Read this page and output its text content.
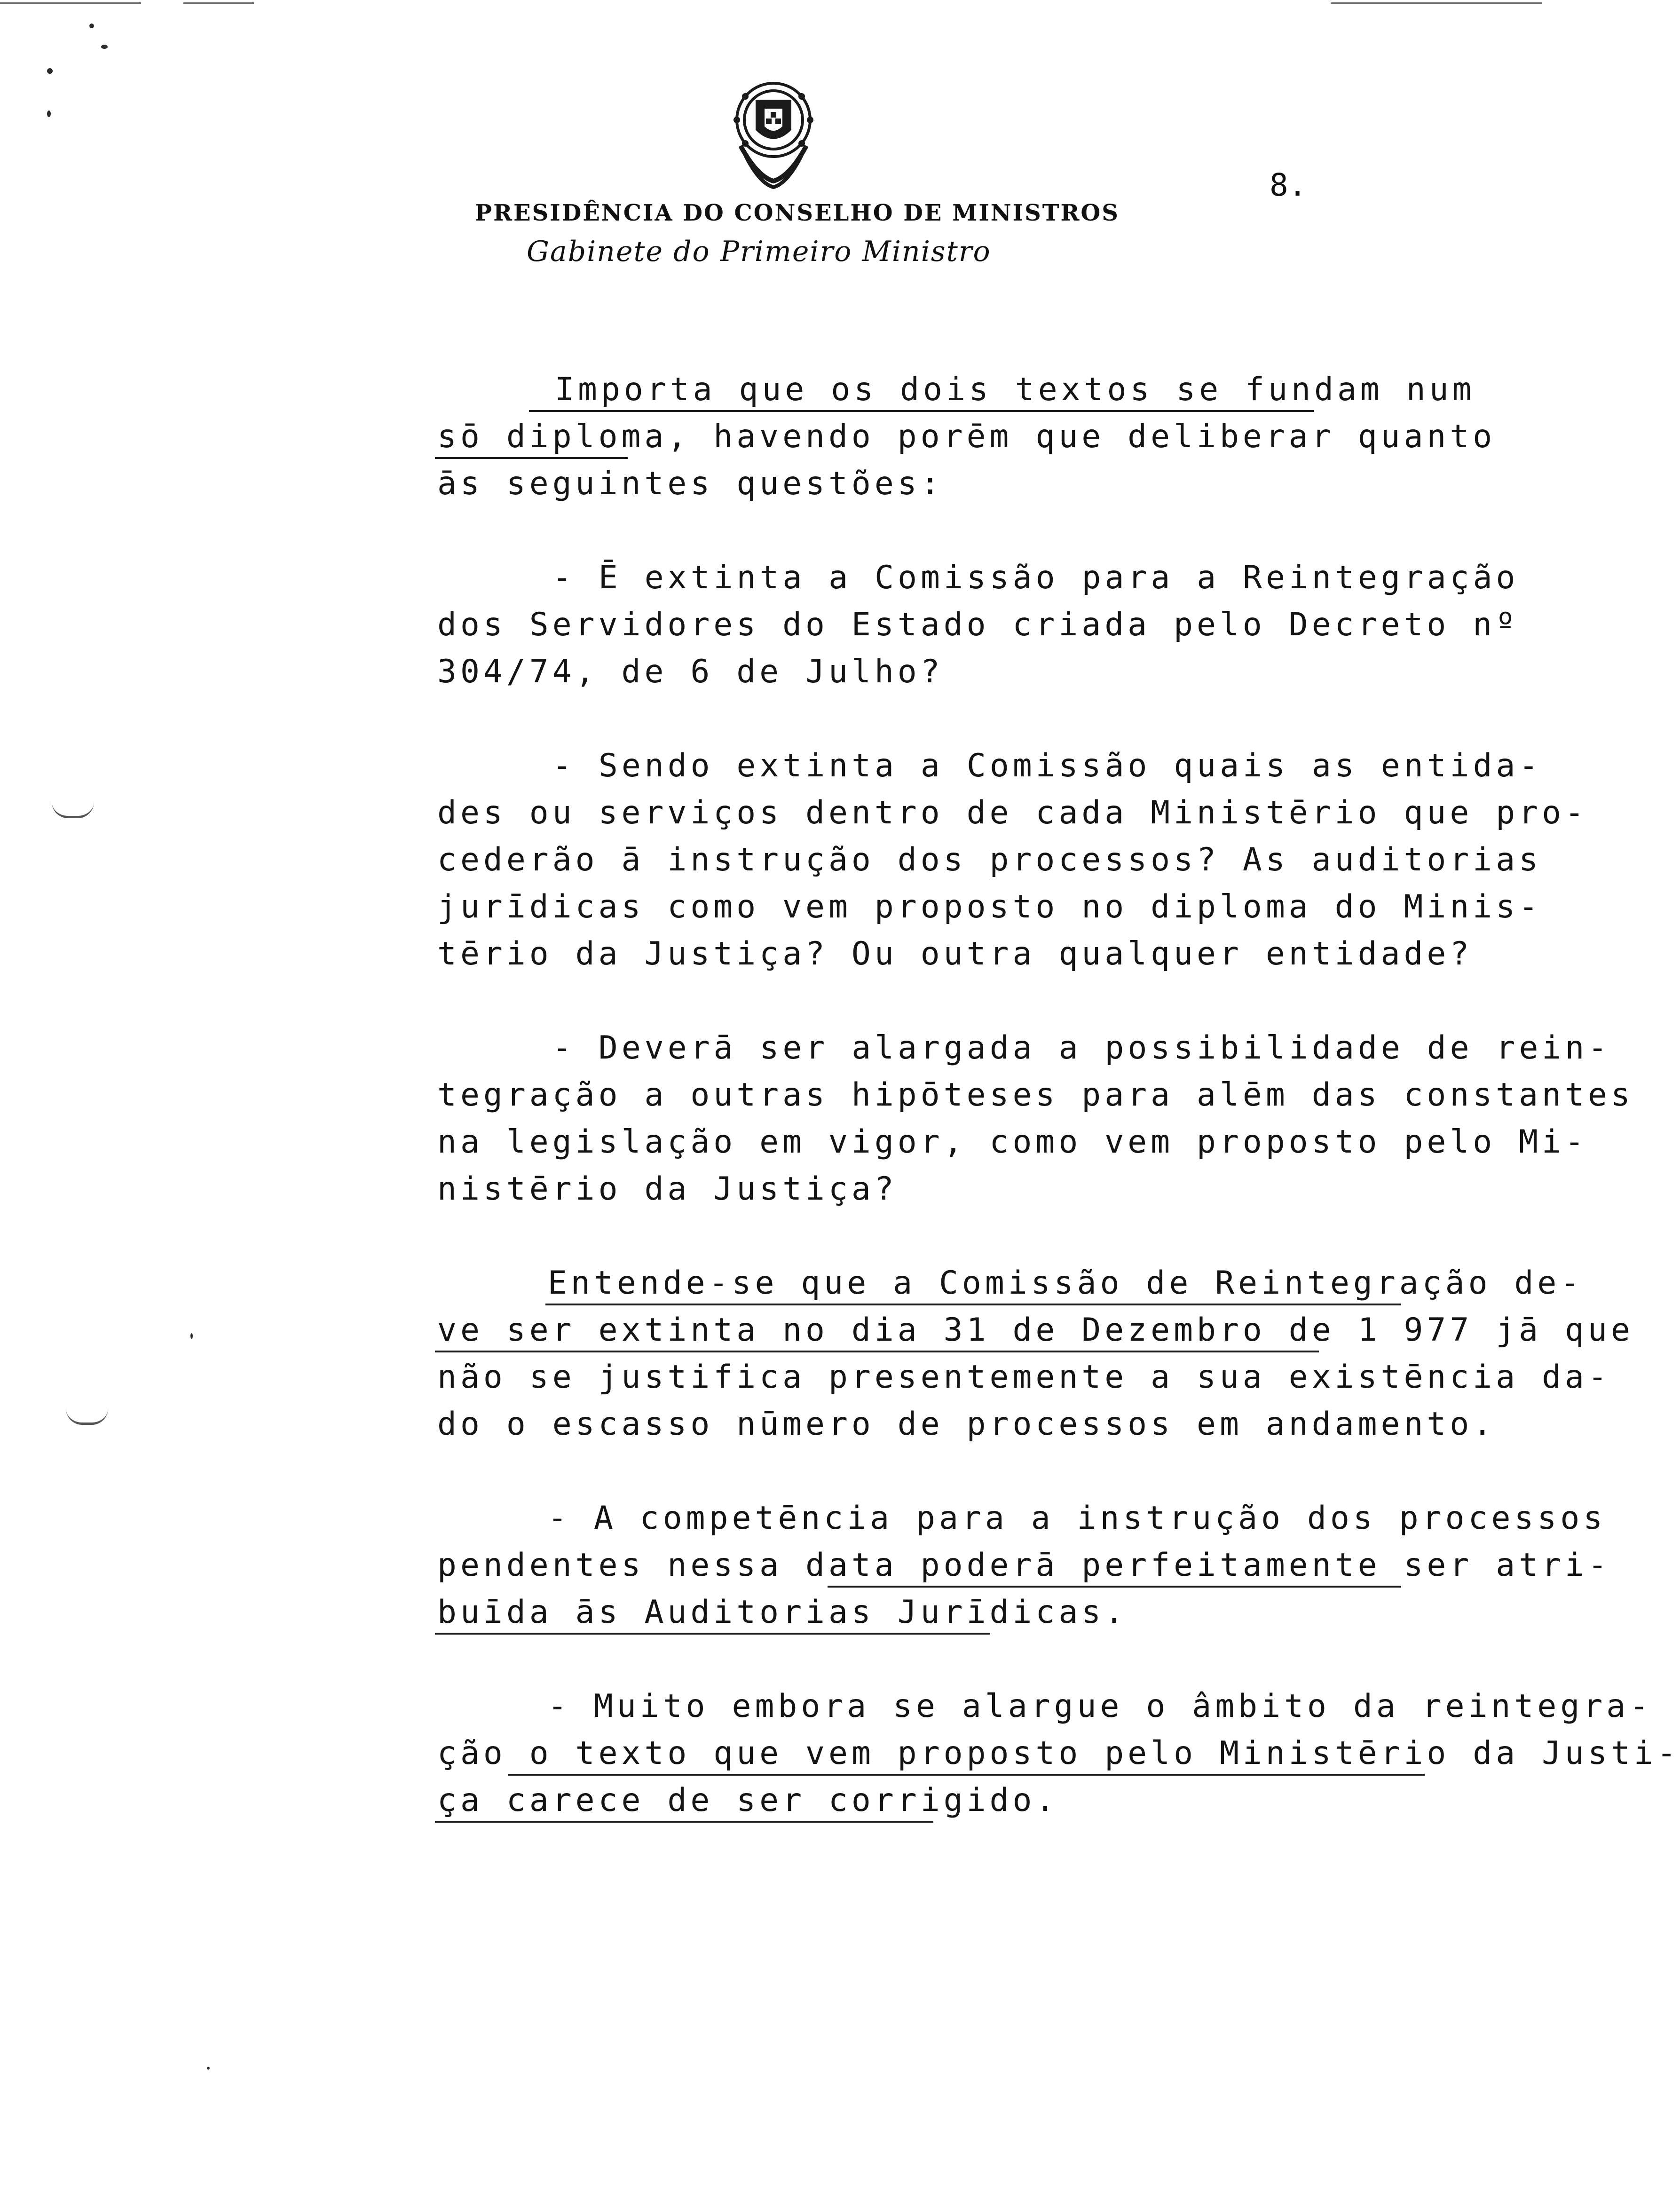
PRESIDÊNCIA DO CONSELHO DE MINISTROS
Gabinete do Primeiro Ministro
8.
Importa que os dois textos se fundam num
sō diploma, havendo porēm que deliberar quanto
ās seguintes questões:
- Ē extinta a Comissão para a Reintegração
dos Servidores do Estado criada pelo Decreto nº
304/74, de 6 de Julho?
- Sendo extinta a Comissão quais as entida-
des ou serviços dentro de cada Ministērio que pro-
cederão ā instrução dos processos? As auditorias
jurīdicas como vem proposto no diploma do Minis-
tērio da Justiça? Ou outra qualquer entidade?
- Deverā ser alargada a possibilidade de rein-
tegração a outras hipōteses para alēm das constantes
na legislação em vigor, como vem proposto pelo Mi-
nistērio da Justiça?
Entende-se que a Comissão de Reintegração de-
ve ser extinta no dia 31 de Dezembro de 1 977 jā que
não se justifica presentemente a sua existēncia da-
do o escasso nūmero de processos em andamento.
- A competēncia para a instrução dos processos
pendentes nessa data poderā perfeitamente ser atri-
buīda ās Auditorias Jurīdicas.
- Muito embora se alargue o âmbito da reintegra-
ção o texto que vem proposto pelo Ministērio da Justi-
ça carece de ser corrigido.
